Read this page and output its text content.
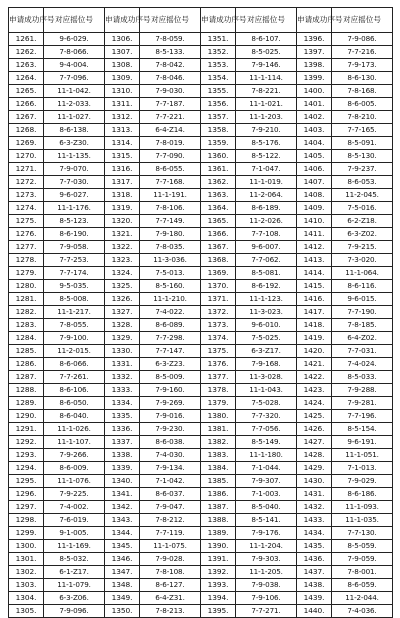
申请成功序号	对应摇位号	申请成功序号	对应摇位号	申请成功序号	对应摇位号	申请成功序号	对应摇位号
1261.	9-6-029.	1306.	7-8-059.	1351.	8-6-107.	1396.	7-9-086.
1262.	7-8-066.	1307.	8-5-133.	1352.	8-5-025.	1397.	7-7-216.
1263.	9-4-004.	1308.	7-8-042.	1353.	7-9-146.	1398.	7-9-173.
1264.	7-7-096.	1309.	7-8-046.	1354.	11-1-114.	1399.	8-6-130.
1265.	11-1-042.	1310.	7-9-030.	1355.	7-8-221.	1400.	7-8-168.
1266.	11-2-033.	1311.	7-7-187.	1356.	11-1-021.	1401.	8-6-005.
1267.	11-1-027.	1312.	7-7-221.	1357.	11-1-203.	1402.	7-8-210.
1268.	8-6-138.	1313.	6-4-Z14.	1358.	7-9-210.	1403.	7-7-165.
1269.	6-3-Z30.	1314.	7-8-019.	1359.	8-5-176.	1404.	8-5-091.
1270.	11-1-135.	1315.	7-7-090.	1360.	8-5-122.	1405.	8-5-130.
1271.	7-9-070.	1316.	8-6-055.	1361.	7-1-047.	1406.	7-9-237.
1272.	7-7-030.	1317.	7-7-168.	1362.	11-1-019.	1407.	8-6-053.
1273.	9-6-027.	1318.	11-1-191.	1363.	11-2-064.	1408.	11-2-045.
1274.	11-1-176.	1319.	7-8-106.	1364.	8-6-189.	1409.	7-5-016.
1275.	8-5-123.	1320.	7-7-149.	1365.	11-2-026.	1410.	6-2-Z18.
1276.	8-6-190.	1321.	7-9-180.	1366.	7-7-108.	1411.	6-3-Z02.
1277.	7-9-058.	1322.	7-8-035.	1367.	9-6-007.	1412.	7-9-215.
1278.	7-7-253.	1323.	11-3-036.	1368.	7-7-062.	1413.	7-3-020.
1279.	7-7-174.	1324.	7-5-013.	1369.	8-5-081.	1414.	11-1-064.
1280.	9-5-035.	1325.	8-5-160.	1370.	8-6-192.	1415.	8-6-116.
1281.	8-5-008.	1326.	11-1-210.	1371.	11-1-123.	1416.	9-6-015.
1282.	11-1-217.	1327.	7-4-022.	1372.	11-3-023.	1417.	7-7-190.
1283.	7-8-055.	1328.	8-6-089.	1373.	9-6-010.	1418.	7-8-185.
1284.	7-9-100.	1329.	7-7-298.	1374.	7-5-025.	1419.	6-4-Z02.
1285.	11-2-015.	1330.	7-7-147.	1375.	6-3-Z17.	1420.	7-7-031.
1286.	8-6-066.	1331.	6-3-Z23.	1376.	7-9-168.	1421.	7-4-024.
1287.	7-7-261.	1332.	8-5-009.	1377.	11-3-028.	1422.	8-5-033.
1288.	8-6-106.	1333.	7-9-160.	1378.	11-1-043.	1423.	7-9-288.
1289.	8-6-050.	1334.	7-9-269.	1379.	7-5-028.	1424.	7-9-281.
1290.	8-6-040.	1335.	7-9-016.	1380.	7-7-320.	1425.	7-7-196.
1291.	11-1-026.	1336.	7-9-230.	1381.	7-7-056.	1426.	8-5-154.
1292.	11-1-107.	1337.	8-6-038.	1382.	8-5-149.	1427.	9-6-191.
1293.	7-9-266.	1338.	7-4-030.	1383.	11-1-180.	1428.	11-1-051.
1294.	8-6-009.	1339.	7-9-134.	1384.	7-1-044.	1429.	7-1-013.
1295.	11-1-076.	1340.	7-1-042.	1385.	7-9-307.	1430.	7-9-029.
1296.	7-9-225.	1341.	8-6-037.	1386.	7-1-003.	1431.	8-6-186.
1297.	7-4-002.	1342.	7-9-047.	1387.	8-5-040.	1432.	11-1-093.
1298.	7-6-019.	1343.	7-8-212.	1388.	8-5-141.	1433.	11-1-035.
1299.	9-1-005.	1344.	7-7-119.	1389.	7-9-176.	1434.	7-7-130.
1300.	11-1-169.	1345.	11-1-075.	1390.	11-1-204.	1435.	8-5-059.
1301.	8-5-032.	1346.	7-9-028.	1391.	7-9-303.	1436.	7-9-059.
1302.	6-1-Z17.	1347.	7-8-108.	1392.	11-1-205.	1437.	7-8-001.
1303.	11-1-079.	1348.	8-6-127.	1393.	7-9-038.	1438.	8-6-059.
1304.	6-3-Z06.	1349.	6-4-Z31.	1394.	7-9-106.	1439.	11-2-044.
1305.	7-9-096.	1350.	7-8-213.	1395.	7-7-271.	1440.	7-4-036.
